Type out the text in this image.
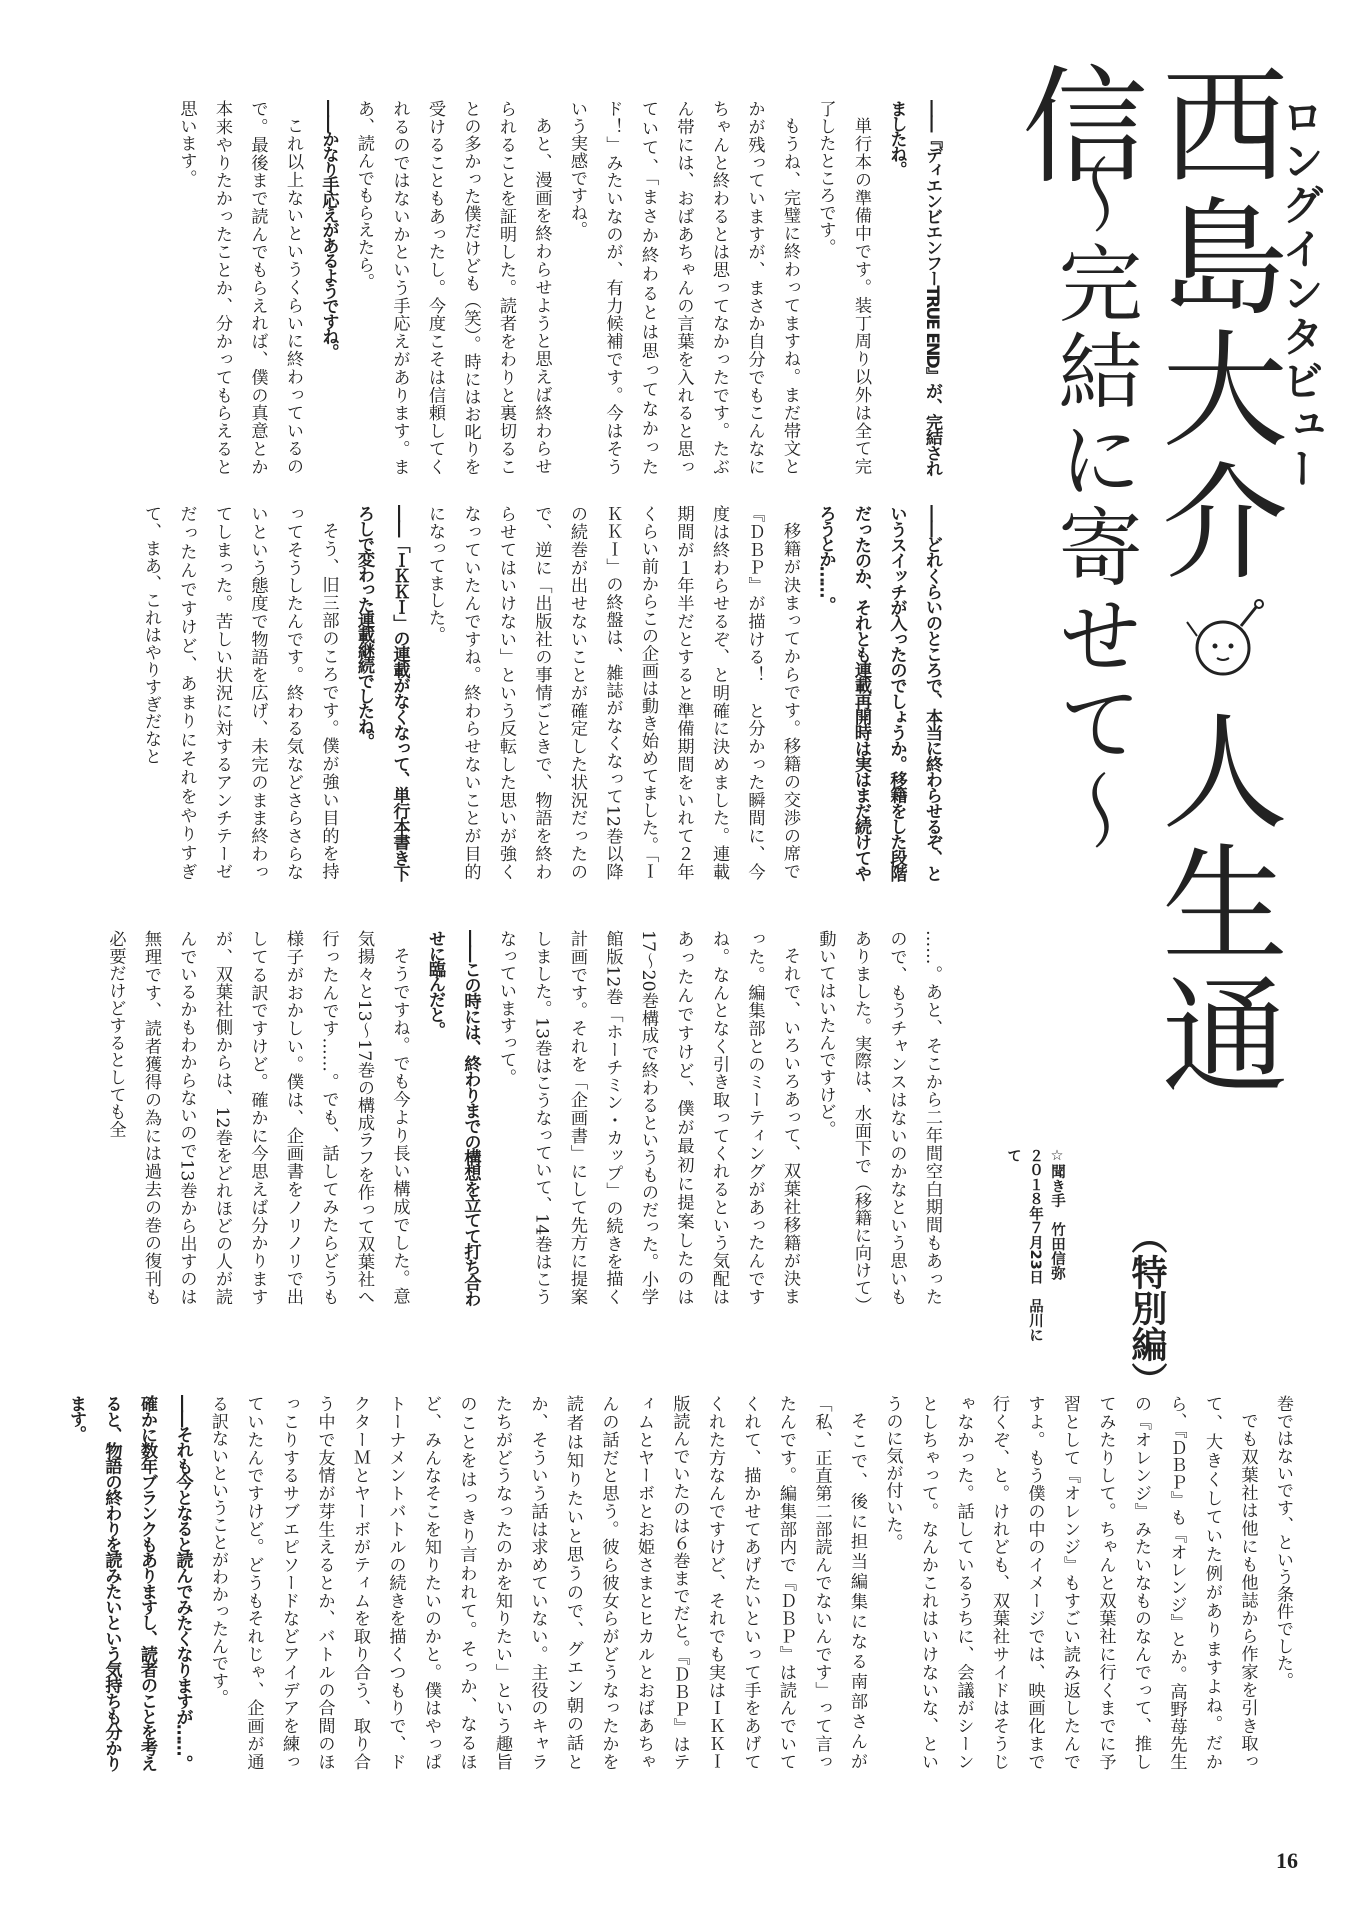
ロングインタビュー
西島大介人生通信
（特別編）
〜完結に寄せて〜
☆聞き手　竹田信弥
２０１８年７月23日　品川にて

――『ディエンビエンフーTRUE END』が、完結されましたね。

単行本の準備中です。装丁周り以外は全て完了したところです。

もうね、完璧に終わってますね。まだ帯文とかが残っていますが、まさか自分でもこんなにちゃんと終わるとは思ってなかったです。たぶん帯には、おばあちゃんの言葉を入れると思っていて、「まさか終わるとは思ってなかったド！」みたいなのが、有力候補です。今はそういう実感ですね。

あと、漫画を終わらせようと思えば終わらせられることを証明した。読者をわりと裏切ることの多かった僕だけども（笑）。時にはお叱りを受けることもあったし。今度こそは信頼してくれるのではないかという手応えがあります。まあ、読んでもらえたら。

――かなり手応えがあるようですね。

これ以上ないというくらいに終わっているので。最後まで読んでもらえれば、僕の真意とか本来やりたかったことか、分かってもらえると思います。

――どれくらいのところで、本当に終わらせるぞ、というスイッチが入ったのでしょうか。移籍をした段階だったのか、それとも連載再開時は実はまだ続けてやろうとか……。

移籍が決まってからです。移籍の交渉の席で『ＤＢＰ』が描ける！　と分かった瞬間に、今度は終わらせるぞ、と明確に決めました。連載期間が１年半だとすると準備期間をいれて２年くらい前からこの企画は動き始めてました。「ＩＫＫＩ」の終盤は、雑誌がなくなって12巻以降の続巻が出せないことが確定した状況だったので、逆に「出版社の事情ごときで、物語を終わらせてはいけない」という反転した思いが強くなっていたんですね。終わらせないことが目的になってました。

――「ＩＫＫＩ」の連載がなくなって、単行本書き下ろしで変わった連載継続でしたね。

そう、旧三部のころです。僕が強い目的を持ってそうしたんです。終わる気などさらさらないという態度で物語を広げ、未完のまま終わってしまった。苦しい状況に対するアンチテーゼだったんですけど、あまりにそれをやりすぎて、まあ、これはやりすぎだなと

……。あと、そこから二年間空白期間もあったので、もうチャンスはないのかなという思いもありました。実際は、水面下で（移籍に向けて）動いてはいたんですけど。

それで、いろいろあって、双葉社移籍が決まった。編集部とのミーティングがあったんですね。なんとなく引き取ってくれるという気配はあったんですけど、僕が最初に提案したのは17〜20巻構成で終わるというものだった。小学館版12巻「ホーチミン・カップ」の続きを描く計画です。それを「企画書」にして先方に提案しました。13巻はこうなっていて、14巻はこうなっていますって。

――この時には、終わりまでの構想を立てて打ち合わせに臨んだと。

そうですね。でも今より長い構成でした。意気揚々と13〜17巻の構成ラフを作って双葉社へ行ったんです……。でも、話してみたらどうも様子がおかしい。僕は、企画書をノリノリで出してる訳ですけど。確かに今思えば分かりますが、双葉社側からは、12巻をどれほどの人が読んでいるかもわからないので13巻から出すのは無理です、読者獲得の為には過去の巻の復刊も必要だけどするとしても全

巻ではないです、という条件でした。

でも双葉社は他にも他誌から作家を引き取って、大きくしていた例がありますよね。だから、『ＤＢＰ』も『オレンジ』とか。高野苺先生の『オレンジ』みたいなものなんでって、推してみたりして。ちゃんと双葉社に行くまでに予習として『オレンジ』もすごい読み返したんですよ。もう僕の中のイメージでは、映画化まで行くぞ、と。けれども、双葉社サイドはそうじゃなかった。話しているうちに、会議がシーンとしちゃって。なんかこれはいけないな、というのに気が付いた。

そこで、後に担当編集になる南部さんが「私、正直第二部読んでないんです」って言ったんです。編集部内で『ＤＢＰ』は読んでいてくれて、描かせてあげたいといって手をあげてくれた方なんですけど、それでも実はＩＫＫＩ版読んでいたのは６巻までだと。『ＤＢＰ』はティムとヤーボとお姫さまとヒカルとおばあちゃんの話だと思う。彼ら彼女らがどうなったかを読者は知りたいと思うので、グエン朝の話とか、そういう話は求めていない。主役のキャラたちがどうなったのかを知りたい」という趣旨のことをはっきり言われて。そっか、なるほど、みんなそこを知りたいのかと。僕はやっぱトーナメントバトルの続きを描くつもりで、ドクターＭとヤーボがティムを取り合う、取り合う中で友情が芽生えるとか、バトルの合間のほっこりするサブエピソードなどアイデアを練っていたんですけど。どうもそれじゃ、企画が通る訳ないということがわかったんです。

――それも今となると読んでみたくなりますが……。確かに数年ブランクもありますし、読者のことを考えると、物語の終わりを読みたいという気持ちも分かります。

16
